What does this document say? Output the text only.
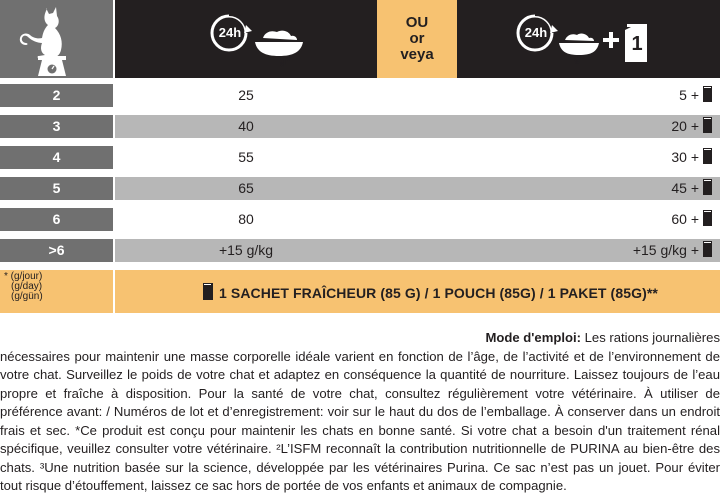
24h
g*
OU
or
veya
24h
g*
1
2	25	5 +
3	40	20 +
4	55	30 +
5	65	45 +
6	80	60 +
>6	+15 g/kg	+15 g/kg +
* (g/jour)
(g/day)
(g/gün)	1 SACHET FRAÎCHEUR (85 G) / 1 POUCH (85G) / 1 PAKET (85G)**
Mode d'emploi: Les rations journalières
nécessaires pour maintenir une masse corporelle idéale varient en fonction de l’âge, de l’activité et de l’environnement de votre chat. Surveillez le poids de votre chat et adaptez en conséquence la quantité de nourriture. Laissez toujours de l’eau propre et fraîche à disposition. Pour la santé de votre chat, consultez régulièrement votre vétérinaire. À utiliser de préférence avant: / Numéros de lot et d’enregistrement: voir sur le haut du dos de l’emballage. À conserver dans un endroit frais et sec. *Ce produit est conçu pour maintenir les chats en bonne santé. Si votre chat a besoin d'un traitement rénal spécifique, veuillez consulter votre vétérinaire. ²L’ISFM reconnaît la contribution nutritionnelle de PURINA au bien-être des chats. ³Une nutrition basée sur la science, développée par les vétérinaires Purina. Ce sac n’est pas un jouet. Pour éviter tout risque d’étouffement, laissez ce sac hors de portée de vos enfants et animaux de compagnie.
